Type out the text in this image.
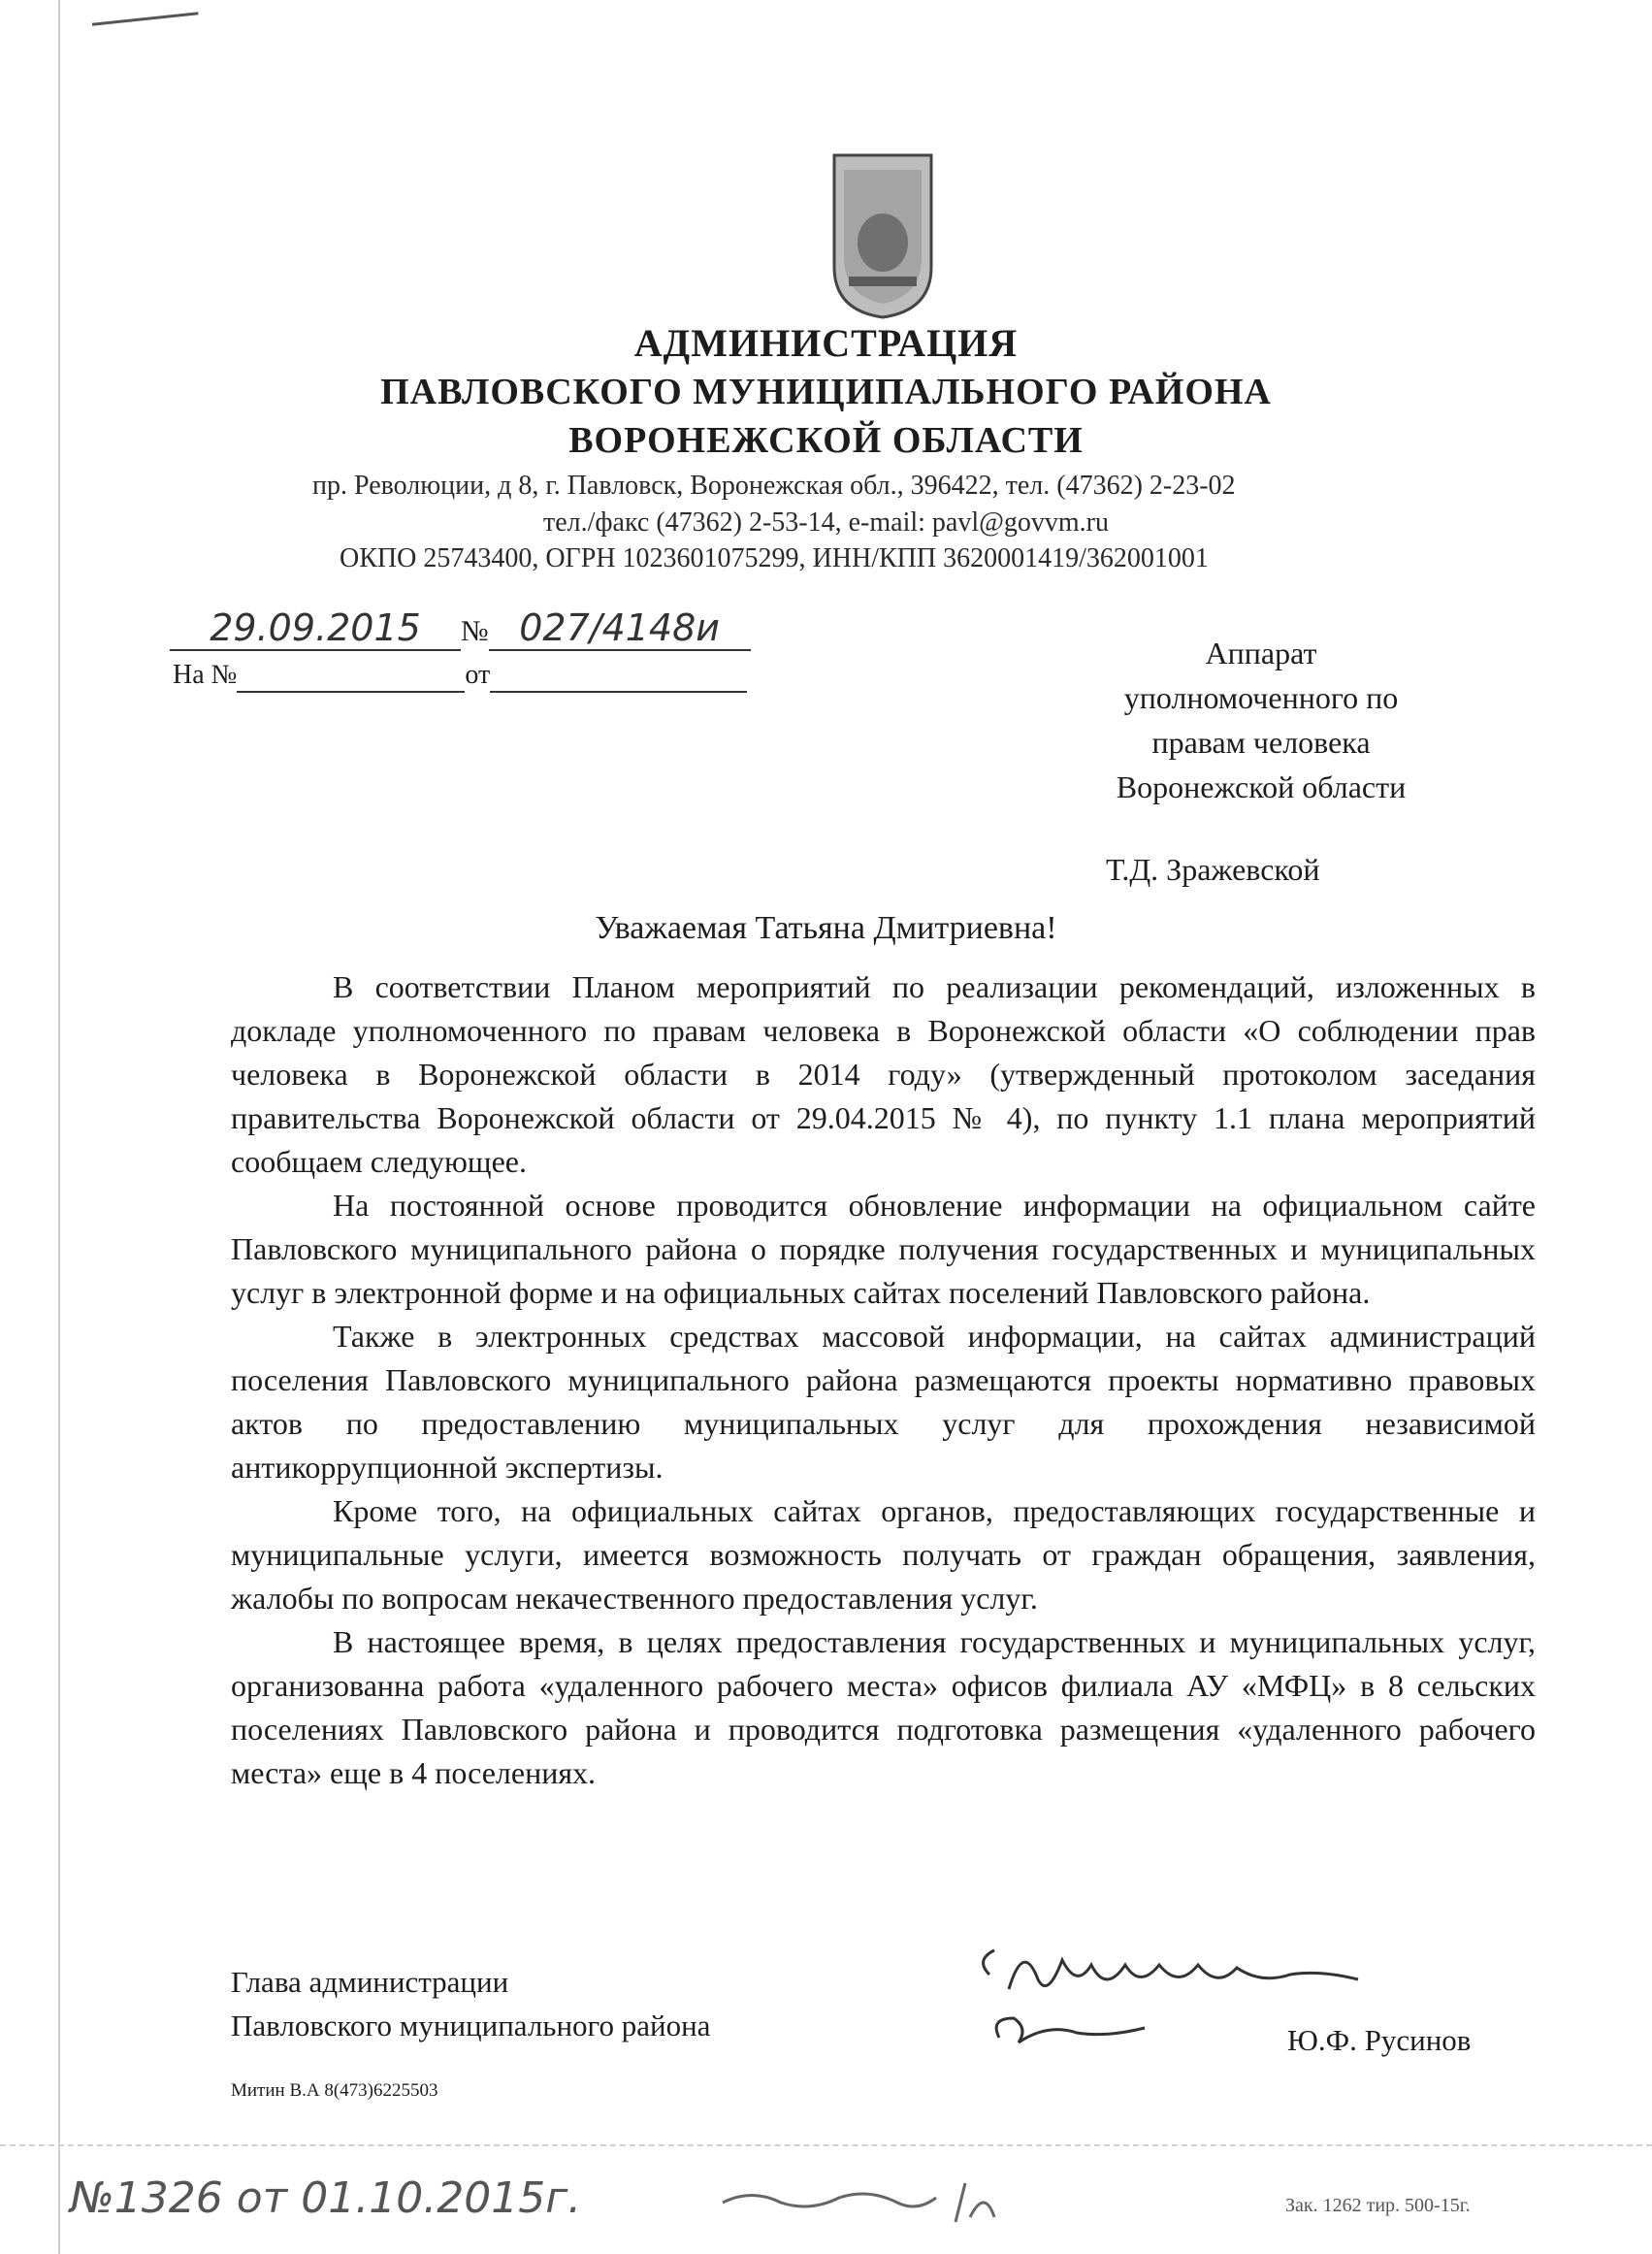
АДМИНИСТРАЦИЯ
ПАВЛОВСКОГО МУНИЦИПАЛЬНОГО РАЙОНА
ВОРОНЕЖСКОЙ ОБЛАСТИ
пр. Революции, д 8, г. Павловск, Воронежская обл., 396422, тел. (47362) 2-23-02
тел./факс (47362) 2-53-14, e-mail: pavl@govvm.ru
ОКПО 25743400, ОГРН 1023601075299, ИНН/КПП 3620001419/362001001
29.09.2015 № 027/4148и
На №	от
Аппарат
уполномоченного по
правам человека
Воронежской области
Т.Д. Зражевской
Уважаемая Татьяна Дмитриевна!

В соответствии Планом мероприятий по реализации рекомендаций, изложенных в докладе уполномоченного по правам человека в Воронежской области «О соблюдении прав человека в Воронежской области в 2014 году» (утвержденный протоколом заседания правительства Воронежской области от 29.04.2015 № 4), по пункту 1.1 плана мероприятий сообщаем следующее.

На постоянной основе проводится обновление информации на официальном сайте Павловского муниципального района о порядке получения государственных и муниципальных услуг в электронной форме и на официальных сайтах поселений Павловского района.

Также в электронных средствах массовой информации, на сайтах администраций поселения Павловского муниципального района размещаются проекты нормативно правовых актов по предоставлению муниципальных услуг для прохождения независимой антикоррупционной экспертизы.

Кроме того, на официальных сайтах органов, предоставляющих государственные и муниципальные услуги, имеется возможность получать от граждан обращения, заявления, жалобы по вопросам некачественного предоставления услуг.

В настоящее время, в целях предоставления государственных и муниципальных услуг, организованна работа «удаленного рабочего места» офисов филиала АУ «МФЦ» в 8 сельских поселениях Павловского района и проводится подготовка размещения «удаленного рабочего места» еще в 4 поселениях.

Глава администрации
Павловского муниципального района	Ю.Ф. Русинов
Митин В.А 8(473)6225503
№1326 от 01.10.2015г.	Зак. 1262 тир. 500-15г.
